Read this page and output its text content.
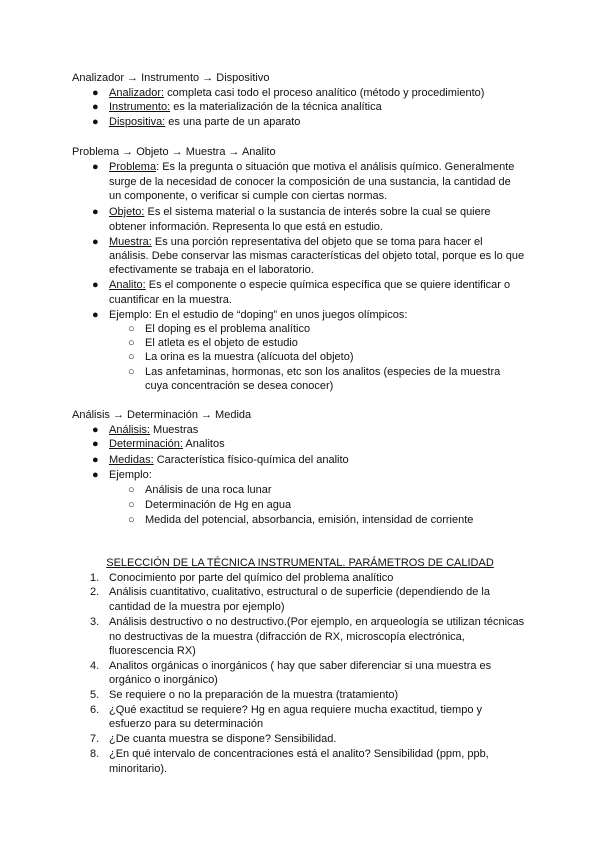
Analizador → Instrumento → Dispositivo
● Analizador: completa casi todo el proceso analítico (método y procedimiento)
● Instrumento: es la materialización de la técnica analítica
● Dispositiva: es una parte de un aparato
Problema → Objeto → Muestra → Analito
● Problema: Es la pregunta o situación que motiva el análisis químico. Generalmente
surge de la necesidad de conocer la composición de una sustancia, la cantidad de
un componente, o verificar si cumple con ciertas normas.
● Objeto: Es el sistema material o la sustancia de interés sobre la cual se quiere
obtener información. Representa lo que está en estudio.
● Muestra: Es una porción representativa del objeto que se toma para hacer el
análisis. Debe conservar las mismas características del objeto total, porque es lo que
efectivamente se trabaja en el laboratorio.
● Analito: Es el componente o especie química específica que se quiere identificar o
cuantificar en la muestra.
● Ejemplo: En el estudio de “doping” en unos juegos olímpicos:
○ El doping es el problema analítico
○ El atleta es el objeto de estudio
○ La orina es la muestra (alícuota del objeto)
○ Las anfetaminas, hormonas, etc son los analitos (especies de la muestra
cuya concentración se desea conocer)
Análisis → Determinación → Medida
● Análisis: Muestras
● Determinación: Analitos
● Medidas: Característica físico-química del analito
● Ejemplo:
○ Análisis de una roca lunar
○ Determinación de Hg en agua
○ Medida del potencial, absorbancia, emisión, intensidad de corriente
SELECCIÓN DE LA TÉCNICA INSTRUMENTAL. PARÁMETROS DE CALIDAD
1. Conocimiento por parte del químico del problema analítico
2. Análisis cuantitativo, cualitativo, estructural o de superficie (dependiendo de la
cantidad de la muestra por ejemplo)
3. Análisis destructivo o no destructivo.(Por ejemplo, en arqueología se utilizan técnicas
no destructivas de la muestra (difracción de RX, microscopía electrónica,
fluorescencia RX)
4. Analitos orgánicas o inorgánicos ( hay que saber diferenciar si una muestra es
orgánico o inorgánico)
5. Se requiere o no la preparación de la muestra (tratamiento)
6. ¿Qué exactitud se requiere? Hg en agua requiere mucha exactitud, tiempo y
esfuerzo para su determinación
7. ¿De cuanta muestra se dispone? Sensibilidad.
8. ¿En qué intervalo de concentraciones está el analito? Sensibilidad (ppm, ppb,
minoritario).
